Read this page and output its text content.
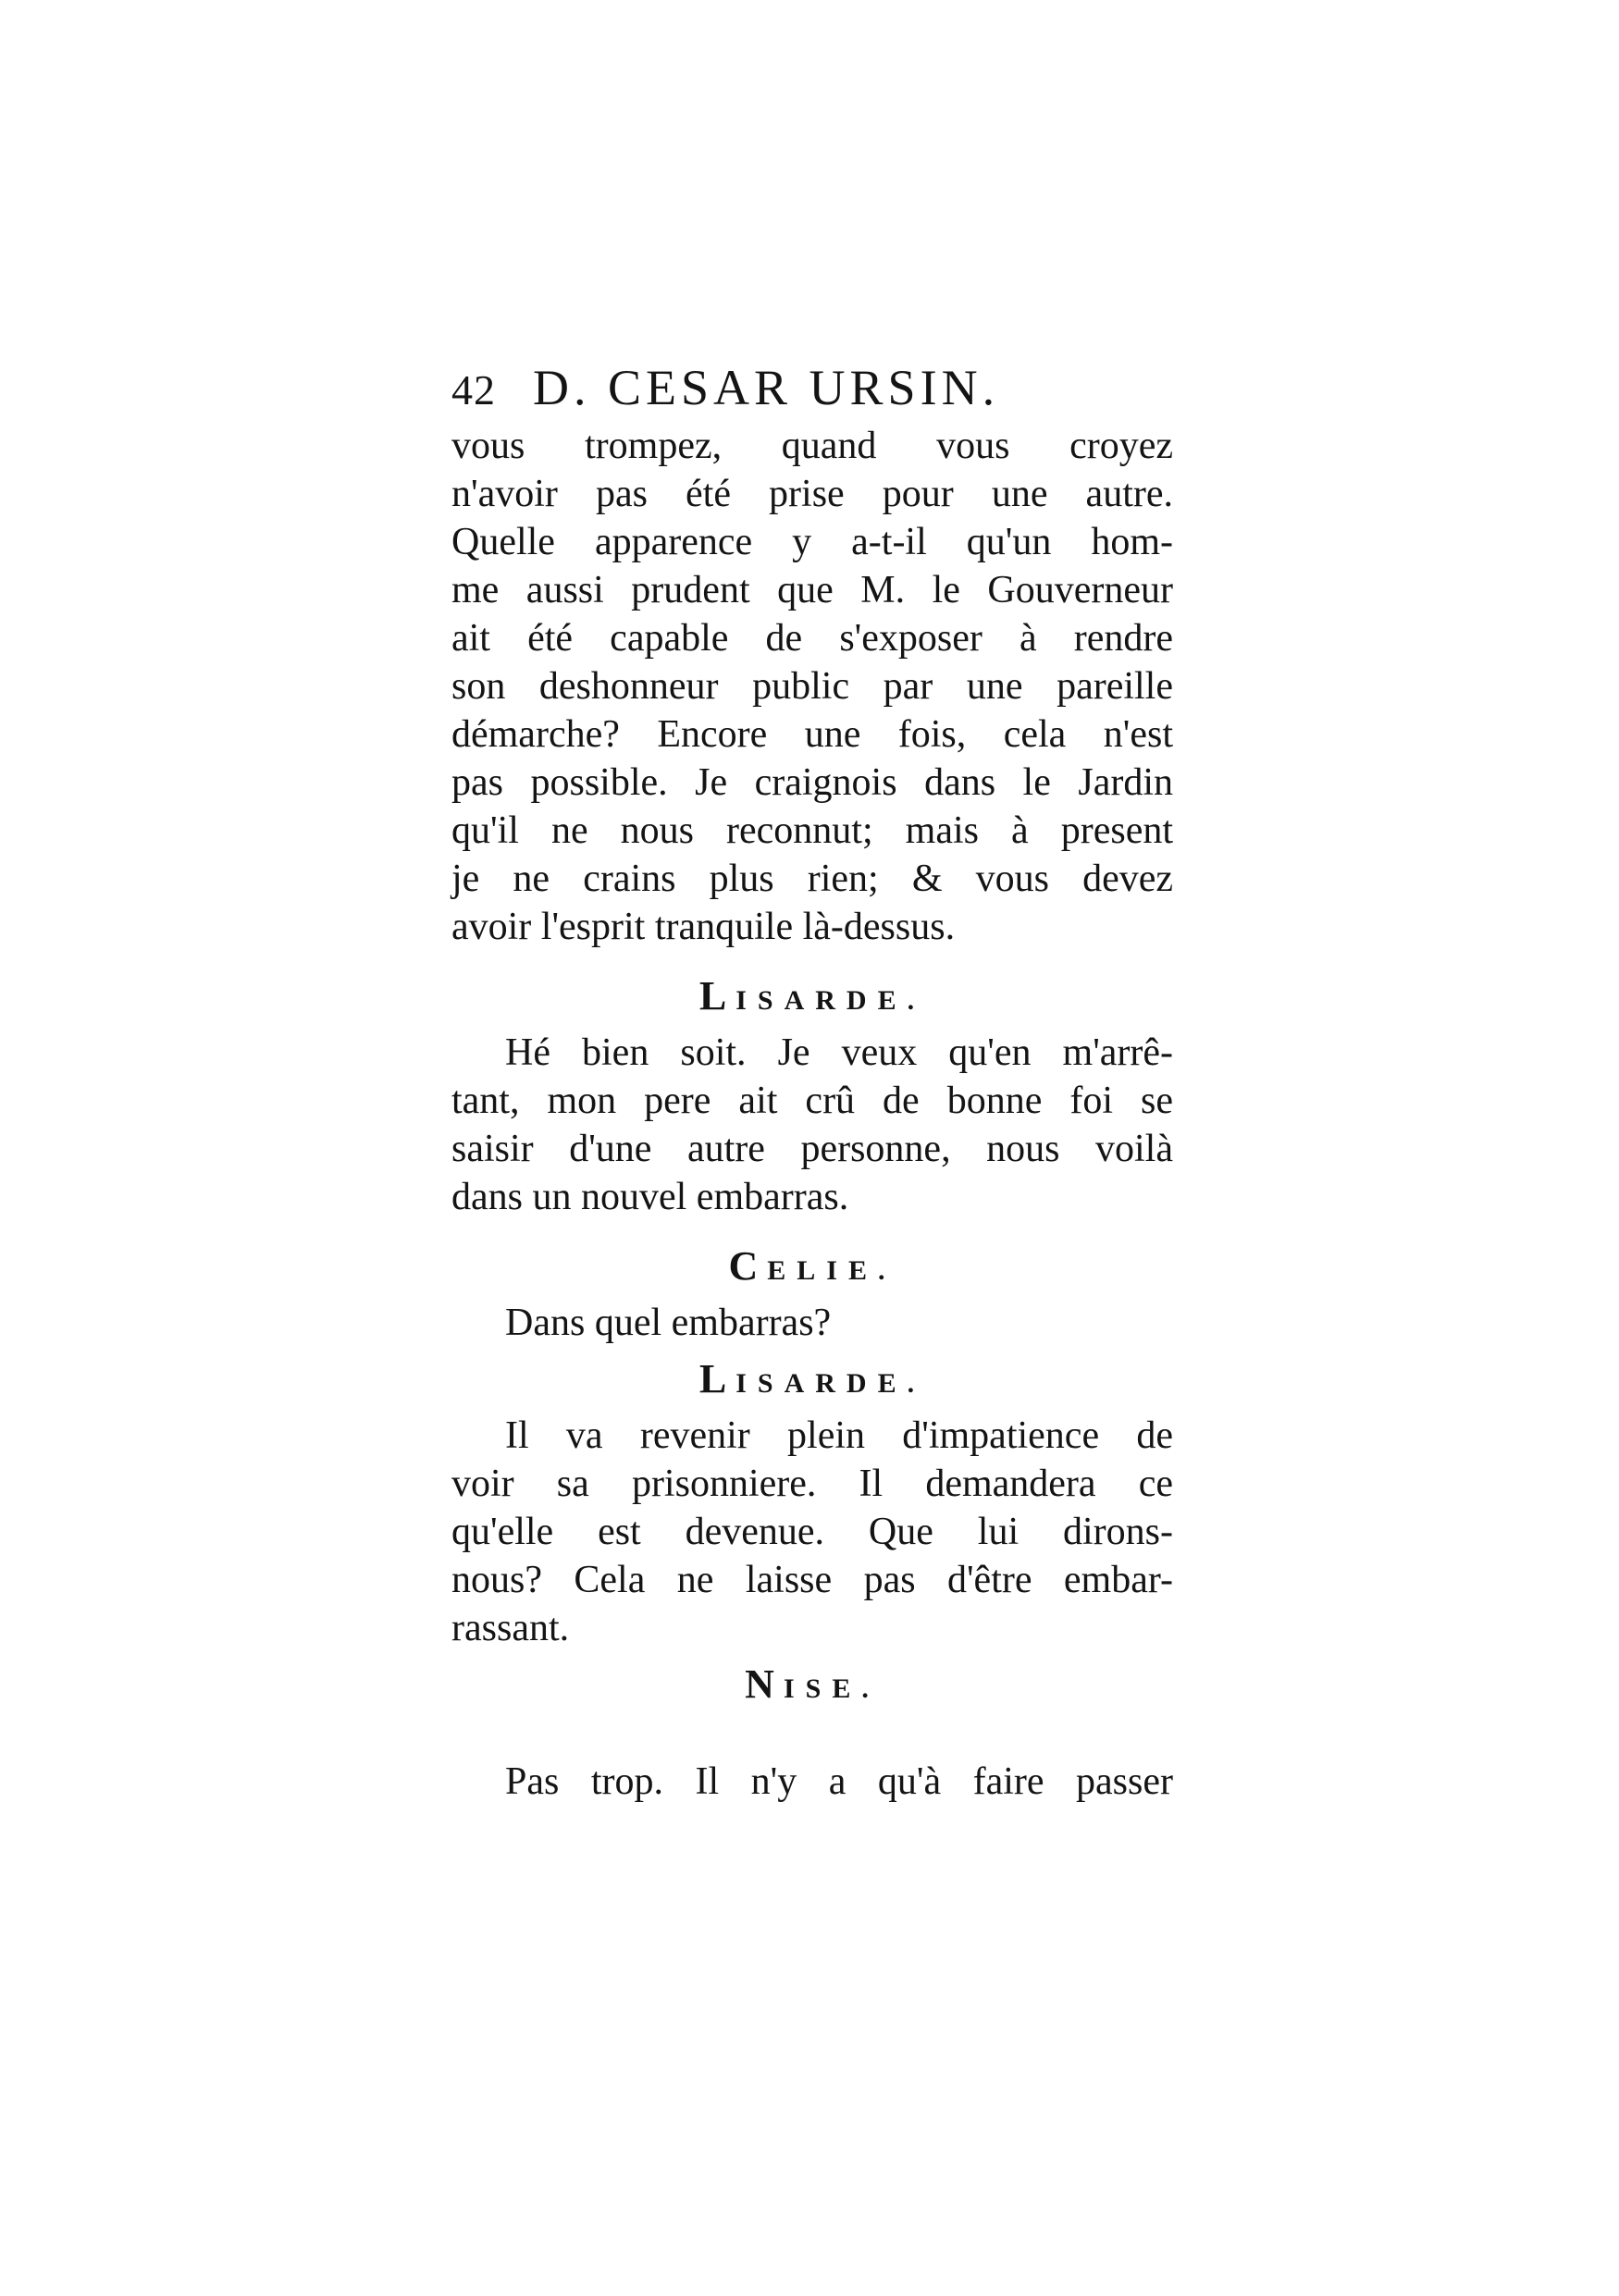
42 D. CESAR URSIN.
vous trompez, quand vous croyez
n'avoir pas été prise pour une autre.
Quelle apparence y a-t-il qu'un hom-
me aussi prudent que M. le Gouverneur
ait été capable de s'exposer à rendre
son deshonneur public par une pareille
démarche? Encore une fois, cela n'est
pas possible. Je craignois dans le Jardin
qu'il ne nous reconnut; mais à present
je ne crains plus rien; & vous devez
avoir l'esprit tranquile là-dessus.
LISARDE.
Hé bien soit. Je veux qu'en m'arrê-
tant, mon pere ait crû de bonne foi se
saisir d'une autre personne, nous voilà
dans un nouvel embarras.
CELIE.
Dans quel embarras?
LISARDE.
Il va revenir plein d'impatience de
voir sa prisonniere. Il demandera ce
qu'elle est devenue. Que lui dirons-
nous? Cela ne laisse pas d'être embar-
rassant.
NISE.
Pas trop. Il n'y a qu'à faire passer
